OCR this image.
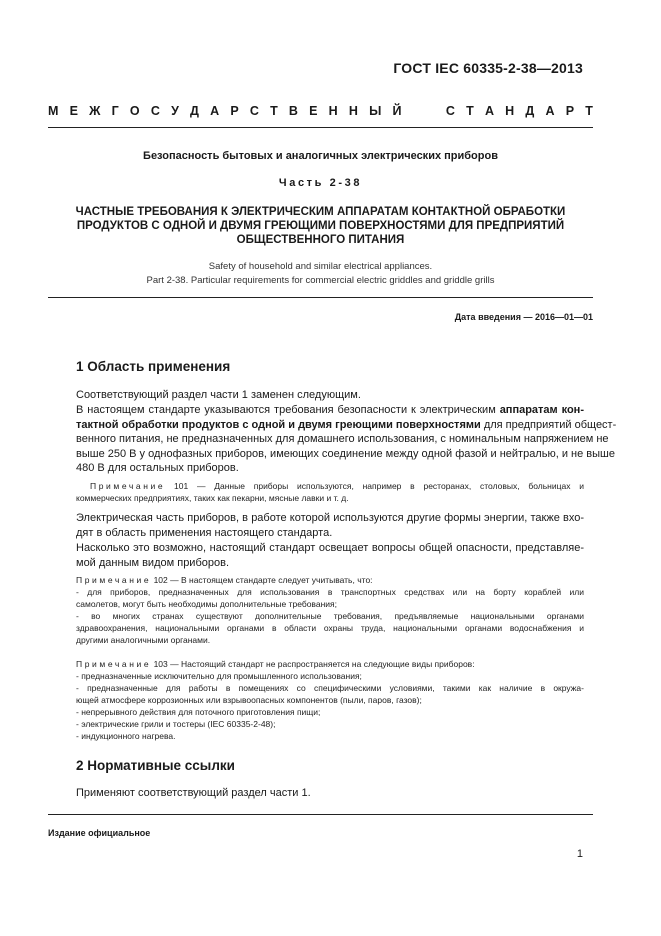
ГОСТ IEC 60335-2-38—2013
М Е Ж Г О С У Д А Р С Т В Е Н Н Ы Й	С Т А Н Д А Р Т
Безопасность бытовых и аналогичных электрических приборов
Часть 2-38
ЧАСТНЫЕ ТРЕБОВАНИЯ К ЭЛЕКТРИЧЕСКИМ АППАРАТАМ КОНТАКТНОЙ ОБРАБОТКИ
ПРОДУКТОВ С ОДНОЙ И ДВУМЯ ГРЕЮЩИМИ ПОВЕРХНОСТЯМИ ДЛЯ ПРЕДПРИЯТИЙ
ОБЩЕСТВЕННОГО ПИТАНИЯ
Safety of household and similar electrical appliances.
Part 2-38. Particular requirements for commercial electric griddles and griddle grills
Дата введения — 2016—01—01
1 Область применения
Соответствующий раздел части 1 заменен следующим.
В настоящем стандарте указываются требования безопасности к электрическим аппаратам кон-
тактной обработки продуктов с одной и двумя греющими поверхностями для предприятий общест-
венного питания, не предназначенных для домашнего использования, с номинальным напряжением не
выше 250 В у однофазных приборов, имеющих соединение между одной фазой и нейтралью, и не выше
480 В для остальных приборов.
Примечание 101 — Данные приборы используются, например в ресторанах, столовых, больницах и
коммерческих предприятиях, таких как пекарни, мясные лавки и т. д.
Электрическая часть приборов, в работе которой используются другие формы энергии, также вхо-
дят в область применения настоящего стандарта.
Насколько это возможно, настоящий стандарт освещает вопросы общей опасности, представляе-
мой данным видом приборов.
Примечание 102 — В настоящем стандарте следует учитывать, что:
- для приборов, предназначенных для использования в транспортных средствах или на борту кораблей или
самолетов, могут быть необходимы дополнительные требования;
- во многих странах существуют дополнительные требования, предъявляемые национальными органами
здравоохранения, национальными органами в области охраны труда, национальными органами водоснабжения и
другими аналогичными органами.
Примечание 103 — Настоящий стандарт не распространяется на следующие виды приборов:
- предназначенные исключительно для промышленного использования;
- предназначенные для работы в помещениях со специфическими условиями, такими как наличие в окружа-
ющей атмосфере коррозионных или взрывоопасных компонентов (пыли, паров, газов);
- непрерывного действия для поточного приготовления пищи;
- электрические грили и тостеры (IEC 60335-2-48);
- индукционного нагрева.
2 Нормативные ссылки
Применяют соответствующий раздел части 1.
Издание официальное
1
